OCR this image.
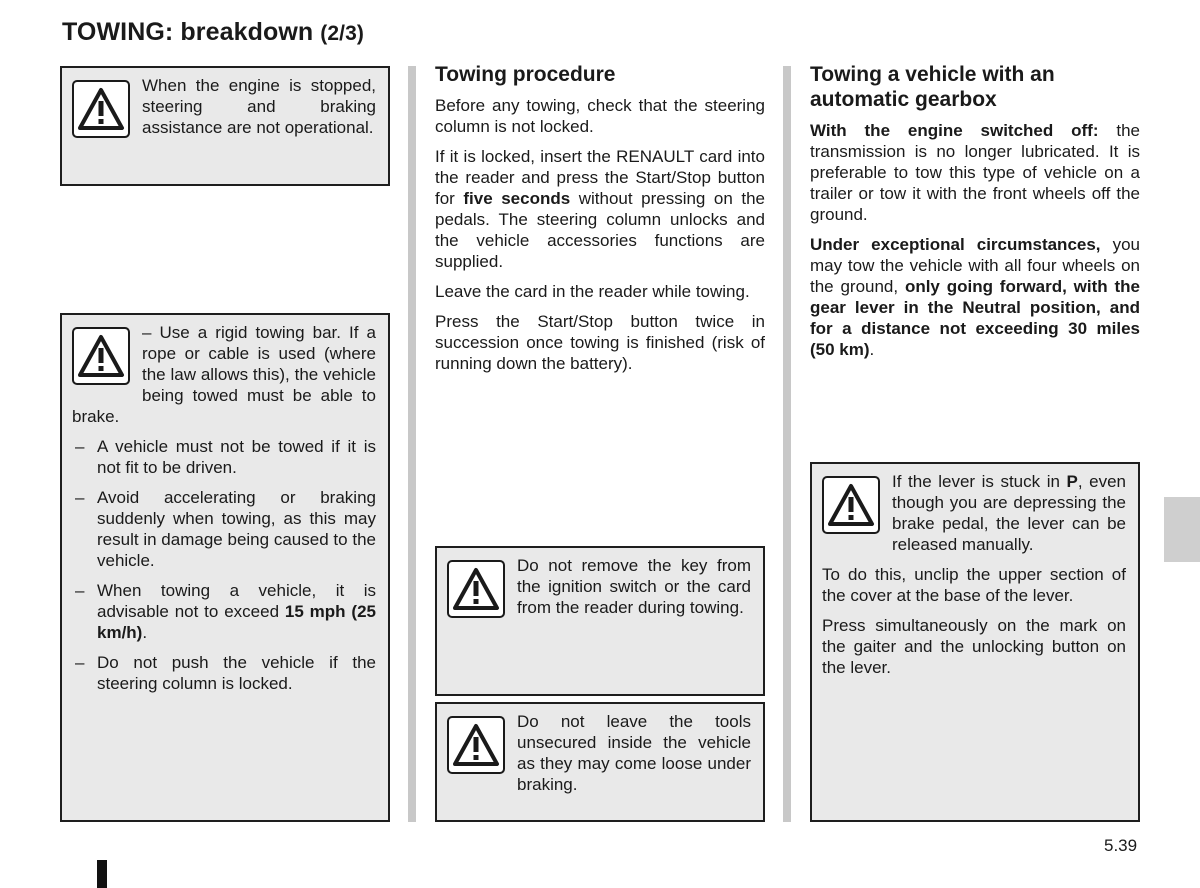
TOWING: breakdown (2/3)

When the engine is stopped, steering and braking assistance are not operational.

– Use a rigid towing bar. If a rope or cable is used (where the law allows this), the vehicle being towed must be able to brake.

– A vehicle must not be towed if it is not fit to be driven.
– Avoid accelerating or braking suddenly when towing, as this may result in damage being caused to the vehicle.
– When towing a vehicle, it is advisable not to exceed 15 mph (25 km/h).
– Do not push the vehicle if the steering column is locked.
Towing procedure

Before any towing, check that the steering column is not locked.

If it is locked, insert the RENAULT card into the reader and press the Start/Stop button for five seconds without pressing on the pedals. The steering column unlocks and the vehicle accessories functions are supplied.

Leave the card in the reader while towing.

Press the Start/Stop button twice in succession once towing is finished (risk of running down the battery).

Do not remove the key from the ignition switch or the card from the reader during towing.

Do not leave the tools unsecured inside the vehicle as they may come loose under braking.

Towing a vehicle with an automatic gearbox

With the engine switched off: the transmission is no longer lubricated. It is preferable to tow this type of vehicle on a trailer or tow it with the front wheels off the ground.

Under exceptional circumstances, you may tow the vehicle with all four wheels on the ground, only going forward, with the gear lever in the Neutral position, and for a distance not exceeding 30 miles (50 km).

If the lever is stuck in P, even though you are depressing the brake pedal, the lever can be released manually.

To do this, unclip the upper section of the cover at the base of the lever.

Press simultaneously on the mark on the gaiter and the unlocking button on the lever.

5.39
